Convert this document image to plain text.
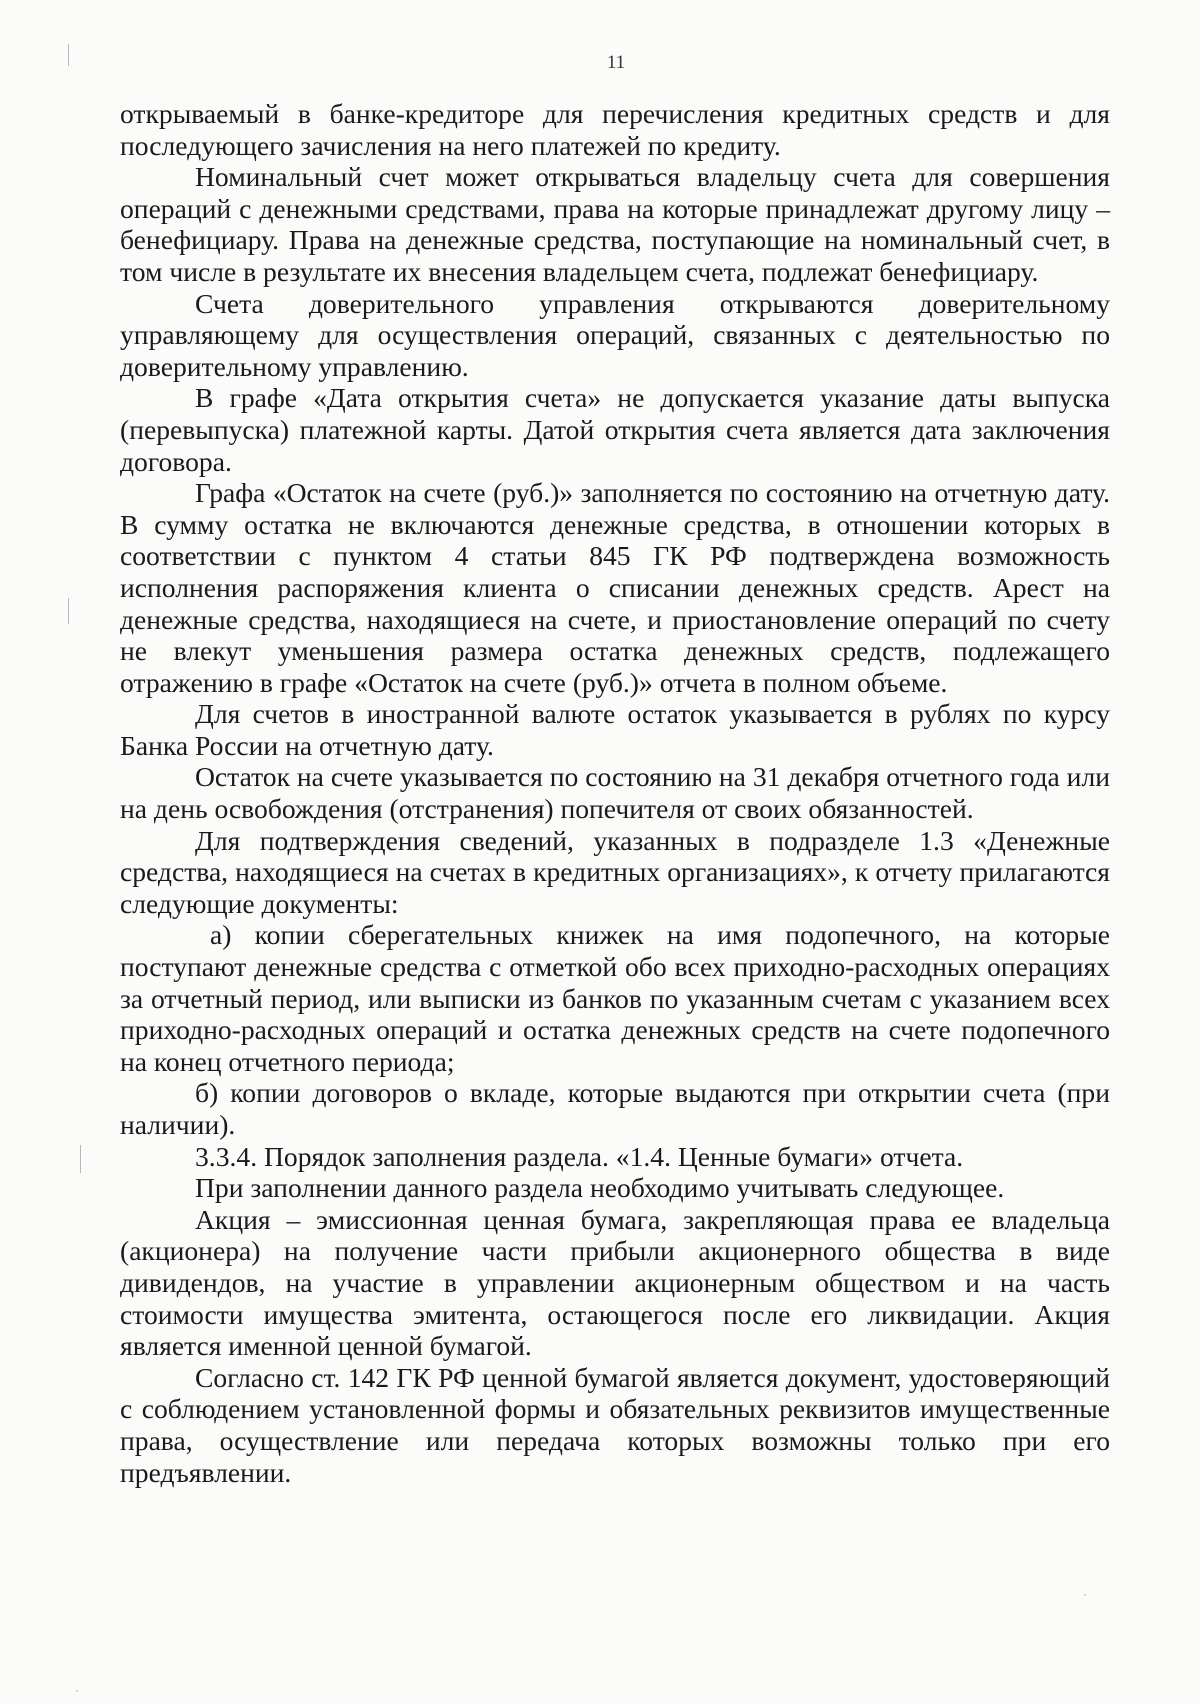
11

открываемый в банке-кредиторе для перечисления кредитных средств и для последующего зачисления на него платежей по кредиту.

Номинальный счет может открываться владельцу счета для совершения операций с денежными средствами, права на которые принадлежат другому лицу – бенефициару. Права на денежные средства, поступающие на номинальный счет, в том числе в результате их внесения владельцем счета, подлежат бенефициару.

Счета доверительного управления открываются доверительному управляющему для осуществления операций, связанных с деятельностью по доверительному управлению.

В графе «Дата открытия счета» не допускается указание даты выпуска (перевыпуска) платежной карты. Датой открытия счета является дата заключения договора.

Графа «Остаток на счете (руб.)» заполняется по состоянию на отчетную дату. В сумму остатка не включаются денежные средства, в отношении которых в соответствии с пунктом 4 статьи 845 ГК РФ подтверждена возможность исполнения распоряжения клиента о списании денежных средств. Арест на денежные средства, находящиеся на счете, и приостановление операций по счету не влекут уменьшения размера остатка денежных средств, подлежащего отражению в графе «Остаток на счете (руб.)» отчета в полном объеме.

Для счетов в иностранной валюте остаток указывается в рублях по курсу Банка России на отчетную дату.

Остаток на счете указывается по состоянию на 31 декабря отчетного года или на день освобождения (отстранения) попечителя от своих обязанностей.

Для подтверждения сведений, указанных в подразделе 1.3 «Денежные средства, находящиеся на счетах в кредитных организациях», к отчету прилагаются следующие документы:

а) копии сберегательных книжек на имя подопечного, на которые поступают денежные средства с отметкой обо всех приходно-расходных операциях за отчетный период, или выписки из банков по указанным счетам с указанием всех приходно-расходных операций и остатка денежных средств на счете подопечного на конец отчетного периода;

б) копии договоров о вкладе, которые выдаются при открытии счета (при наличии).

3.3.4. Порядок заполнения раздела. «1.4. Ценные бумаги» отчета.

При заполнении данного раздела необходимо учитывать следующее.

Акция – эмиссионная ценная бумага, закрепляющая права ее владельца (акционера) на получение части прибыли акционерного общества в виде дивидендов, на участие в управлении акционерным обществом и на часть стоимости имущества эмитента, остающегося после его ликвидации. Акция является именной ценной бумагой.

Согласно ст. 142 ГК РФ ценной бумагой является документ, удостоверяющий с соблюдением установленной формы и обязательных реквизитов имущественные права, осуществление или передача которых возможны только при его предъявлении.
